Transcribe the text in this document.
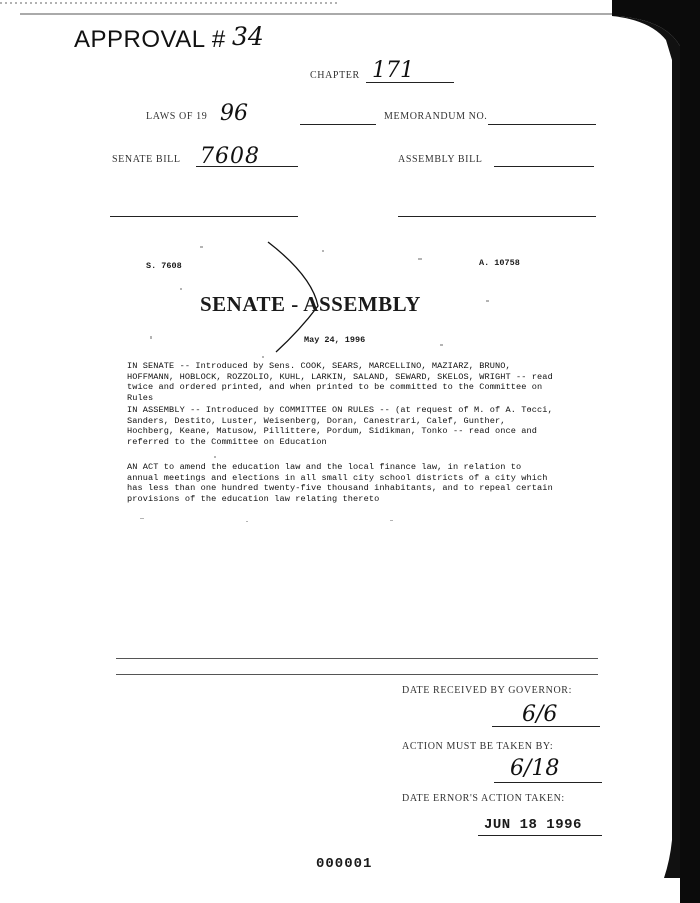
APPROVAL # 34
CHAPTER 171
LAWS OF 19 96	MEMORANDUM NO.
SENATE BILL 7608	ASSEMBLY BILL
S. 7608	A. 10758
SENATE - ASSEMBLY
May 24, 1996
IN SENATE -- Introduced by Sens. COOK, SEARS, MARCELLINO, MAZIARZ, BRUNO, HOFFMANN, HOBLOCK, ROZZOLIO, KUHL, LARKIN, SALAND, SEWARD, SKELOS, WRIGHT -- read twice and ordered printed, and when printed to be committed to the Committee on Rules
IN ASSEMBLY -- Introduced by COMMITTEE ON RULES -- (at request of M. of A. Tocci, Sanders, Destito, Luster, Weisenberg, Doran, Canestrari, Calef, Gunther, Hochberg, Keane, Matusow, Pillittere, Pordum, Sidikman, Tonko -- read once and referred to the Committee on Education
AN ACT to amend the education law and the local finance law, in relation to annual meetings and elections in all small city school districts of a city which has less than one hundred twenty-five thousand inhabitants, and to repeal certain provisions of the education law relating thereto
DATE RECEIVED BY GOVERNOR:
6/6
ACTION MUST BE TAKEN BY:
6/18
DATE ERNOR'S ACTION TAKEN:
JUN 18 1996
000001
